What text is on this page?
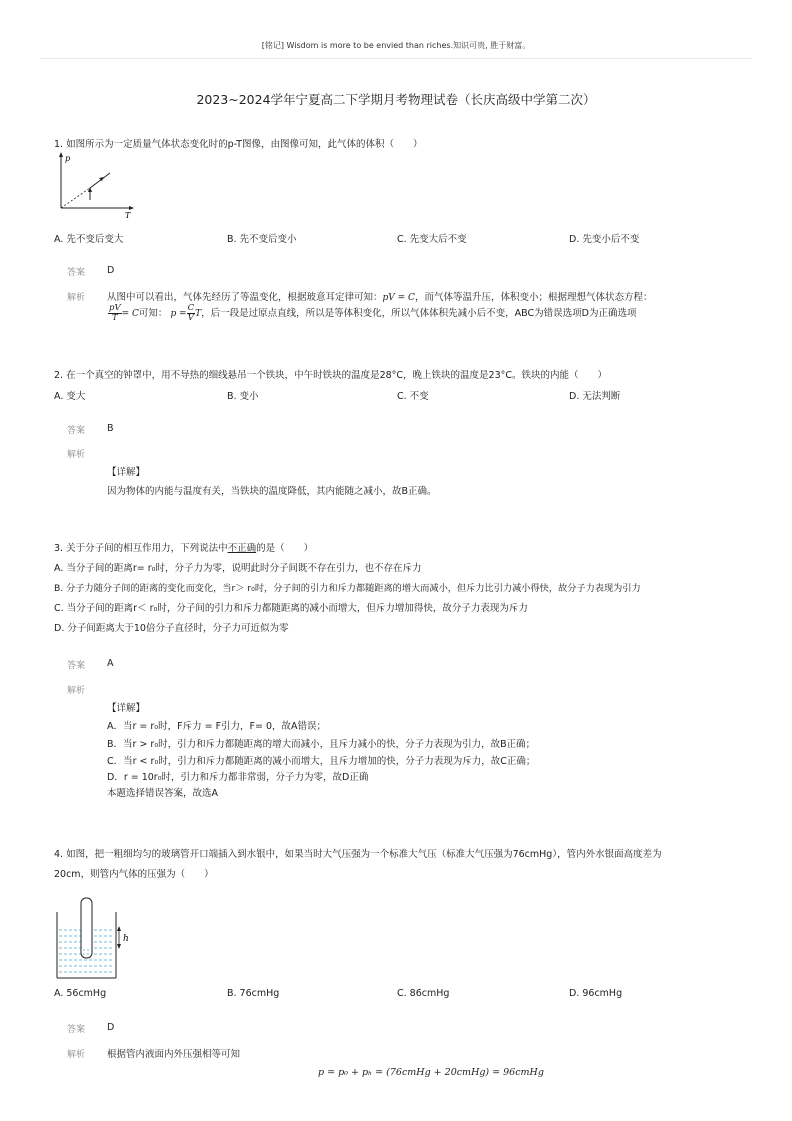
[铭记] Wisdom is more to be envied than riches.知识可贵, 胜于财富。
2023~2024学年宁夏高二下学期月考物理试卷（长庆高级中学第二次）
1. 如图所示为一定质量气体状态变化时的p-T图像，由图像可知，此气体的体积（　　）
p
T
A. 先不变后变大	B. 先不变后变小	C. 先变大后不变	D. 先变小后不变
答案 D
解析 从图中可以看出，气体先经历了等温变化，根据玻意耳定律可知：pV = C，而气体等温升压，体积变小；根据理想气体状态方程：
$\frac{pV}{T} = C$可知： $p = \frac{C}{V}$ T，后一段是过原点直线，所以是等体积变化，所以气体体积先减小后不变，ABC为错误选项D为正确选项
2. 在一个真空的钟罩中，用不导热的细线悬吊一个铁块，中午时铁块的温度是28°C，晚上铁块的温度是23°C。铁块的内能（　　）
A. 变大	B. 变小	C. 不变	D. 无法判断
答案 B
解析
【详解】
因为物体的内能与温度有关，当铁块的温度降低，其内能随之减小，故B正确。
3. 关于分子间的相互作用力，下列说法中不正确的是（　　）
A. 当分子间的距离r= r₀时，分子力为零，说明此时分子间既不存在引力，也不存在斥力
B. 分子力随分子间的距离的变化而变化，当r＞ r₀时，分子间的引力和斥力都随距离的增大而减小，但斥力比引力减小得快，故分子力表现为引力
C. 当分子间的距离r＜ r₀时，分子间的引力和斥力都随距离的减小而增大，但斥力增加得快，故分子力表现为斥力
D. 分子间距离大于10倍分子直径时，分子力可近似为零
答案 A
解析
【详解】
A．当r = r₀时，F斥力 = F引力，F= 0，故A错误；
B．当r > r₀时，引力和斥力都随距离的增大而减小，且斥力减小的快，分子力表现为引力，故B正确；
C．当r < r₀时，引力和斥力都随距离的减小而增大，且斥力增加的快，分子力表现为斥力，故C正确；
D．r = 10r₀时，引力和斥力都非常弱，分子力为零，故D正确
本题选择错误答案，故选A
4. 如图，把一粗细均匀的玻璃管开口端插入到水银中，如果当时大气压强为一个标准大气压（标准大气压强为76cmHg），管内外水银面高度差为
20cm，则管内气体的压强为（　　）
h
A. 56cmHg	B. 76cmHg	C. 86cmHg	D. 96cmHg
答案 D
解析 根据管内液面内外压强相等可知
p = p₀ + pₕ = (76cmHg + 20cmHg) = 96cmHg
